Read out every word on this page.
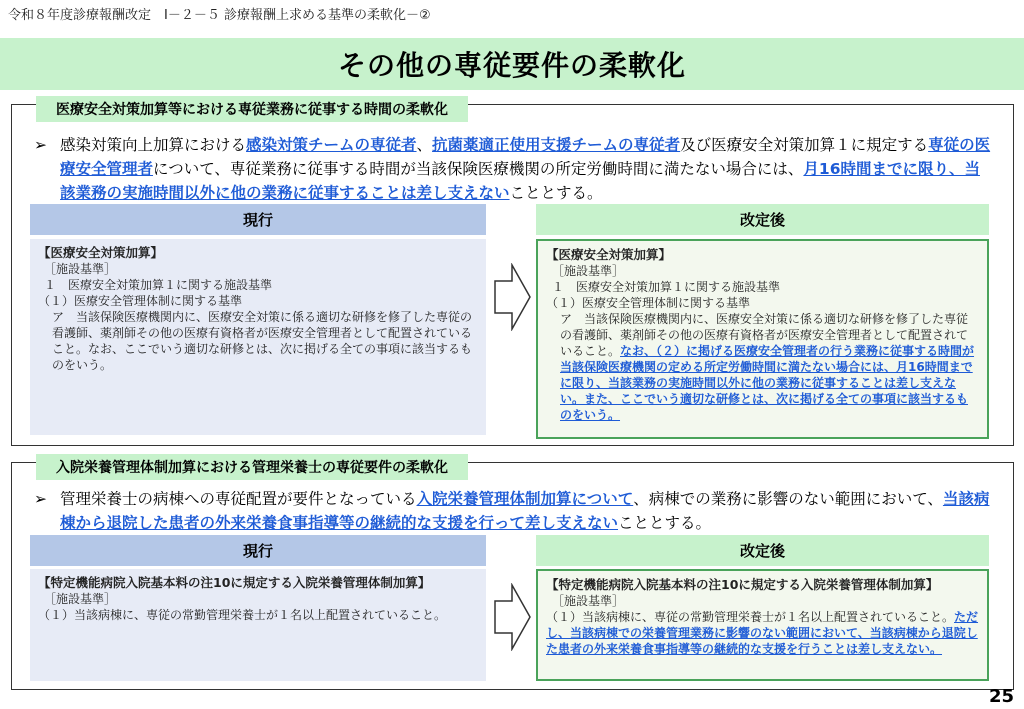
令和８年度診療報酬改定　Ⅰ－２－５ 診療報酬上求める基準の柔軟化－②
その他の専従要件の柔軟化
医療安全対策加算等における専従業務に従事する時間の柔軟化
➢ 感染対策向上加算における感染対策チームの専従者、抗菌薬適正使用支援チームの専従者及び医療安全対策加算１に規定する専従の医療安全管理者について、専従業務に従事する時間が当該保険医療機関の所定労働時間に満たない場合には、月16時間までに限り、当該業務の実施時間以外に他の業務に従事することは差し支えないこととする。
現行	改定後
【医療安全対策加算】
［施設基準］
１　医療安全対策加算１に関する施設基準
（１）医療安全管理体制に関する基準
ア　当該保険医療機関内に、医療安全対策に係る適切な研修を修了した専従の看護師、薬剤師その他の医療有資格者が医療安全管理者として配置されていること。なお、ここでいう適切な研修とは、次に掲げる全ての事項に該当するものをいう。
【医療安全対策加算】
［施設基準］
１　医療安全対策加算１に関する施設基準
（１）医療安全管理体制に関する基準
ア　当該保険医療機関内に、医療安全対策に係る適切な研修を修了した専従の看護師、薬剤師その他の医療有資格者が医療安全管理者として配置されていること。なお、（２）に掲げる医療安全管理者の行う業務に従事する時間が当該保険医療機関の定める所定労働時間に満たない場合には、月16時間までに限り、当該業務の実施時間以外に他の業務に従事することは差し支えない。また、ここでいう適切な研修とは、次に掲げる全ての事項に該当するものをいう。
入院栄養管理体制加算における管理栄養士の専従要件の柔軟化
➢ 管理栄養士の病棟への専従配置が要件となっている入院栄養管理体制加算について、病棟での業務に影響のない範囲において、当該病棟から退院した患者の外来栄養食事指導等の継続的な支援を行って差し支えないこととする。
現行	改定後
【特定機能病院入院基本料の注10に規定する入院栄養管理体制加算】
［施設基準］
（１）当該病棟に、専従の常勤管理栄養士が１名以上配置されていること。
【特定機能病院入院基本料の注10に規定する入院栄養管理体制加算】
［施設基準］
（１）当該病棟に、専従の常勤管理栄養士が１名以上配置されていること。ただし、当該病棟での栄養管理業務に影響のない範囲において、当該病棟から退院した患者の外来栄養食事指導等の継続的な支援を行うことは差し支えない。
25
